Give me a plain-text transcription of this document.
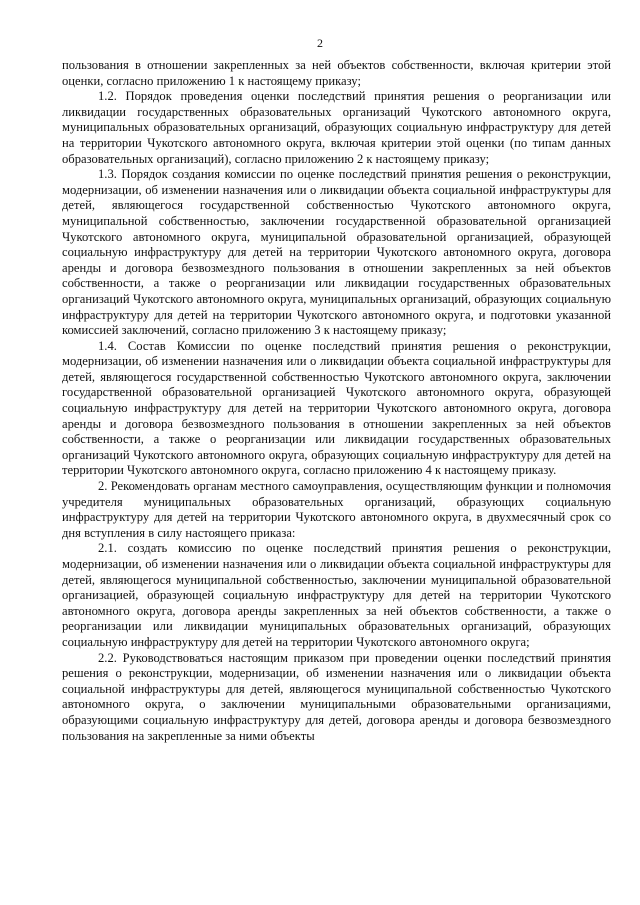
2

пользования в отношении закрепленных за ней объектов собственности, включая критерии этой оценки, согласно приложению 1 к настоящему приказу;

1.2. Порядок проведения оценки последствий принятия решения о реорганизации или ликвидации государственных образовательных организаций Чукотского автономного округа, муниципальных образовательных организаций, образующих социальную инфраструктуру для детей на территории Чукотского автономного округа, включая критерии этой оценки (по типам данных образовательных организаций), согласно приложению 2 к настоящему приказу;

1.3. Порядок создания комиссии по оценке последствий принятия решения о реконструкции, модернизации, об изменении назначения или о ликвидации объекта социальной инфраструктуры для детей, являющегося государственной собственностью Чукотского автономного округа, муниципальной собственностью, заключении государственной образовательной организацией Чукотского автономного округа, муниципальной образовательной организацией, образующей социальную инфраструктуру для детей на территории Чукотского автономного округа, договора аренды и договора безвозмездного пользования в отношении закрепленных за ней объектов собственности, а также о реорганизации или ликвидации государственных образовательных организаций Чукотского автономного округа, муниципальных организаций, образующих социальную инфраструктуру для детей на территории Чукотского автономного округа, и подготовки указанной комиссией заключений, согласно приложению 3 к настоящему приказу;

1.4. Состав Комиссии по оценке последствий принятия решения о реконструкции, модернизации, об изменении назначения или о ликвидации объекта социальной инфраструктуры для детей, являющегося государственной собственностью Чукотского автономного округа, заключении государственной образовательной организацией Чукотского автономного округа, образующей социальную инфраструктуру для детей на территории Чукотского автономного округа, договора аренды и договора безвозмездного пользования в отношении закрепленных за ней объектов собственности, а также о реорганизации или ликвидации государственных образовательных организаций Чукотского автономного округа, образующих социальную инфраструктуру для детей на территории Чукотского автономного округа, согласно приложению 4 к настоящему приказу.

2. Рекомендовать органам местного самоуправления, осуществляющим функции и полномочия учредителя муниципальных образовательных организаций, образующих социальную инфраструктуру для детей на территории Чукотского автономного округа, в двухмесячный срок со дня вступления в силу настоящего приказа:

2.1. создать комиссию по оценке последствий принятия решения о реконструкции, модернизации, об изменении назначения или о ликвидации объекта социальной инфраструктуры для детей, являющегося муниципальной собственностью, заключении муниципальной образовательной организацией, образующей социальную инфраструктуру для детей на территории Чукотского автономного округа, договора аренды закрепленных за ней объектов собственности, а также о реорганизации или ликвидации муниципальных образовательных организаций, образующих социальную инфраструктуру для детей на территории Чукотского автономного округа;

2.2. Руководствоваться настоящим приказом при проведении оценки последствий принятия решения о реконструкции, модернизации, об изменении назначения или о ликвидации объекта социальной инфраструктуры для детей, являющегося муниципальной собственностью Чукотского автономного округа, о заключении муниципальными образовательными организациями, образующими социальную инфраструктуру для детей, договора аренды и договора безвозмездного пользования на закрепленные за ними объекты
